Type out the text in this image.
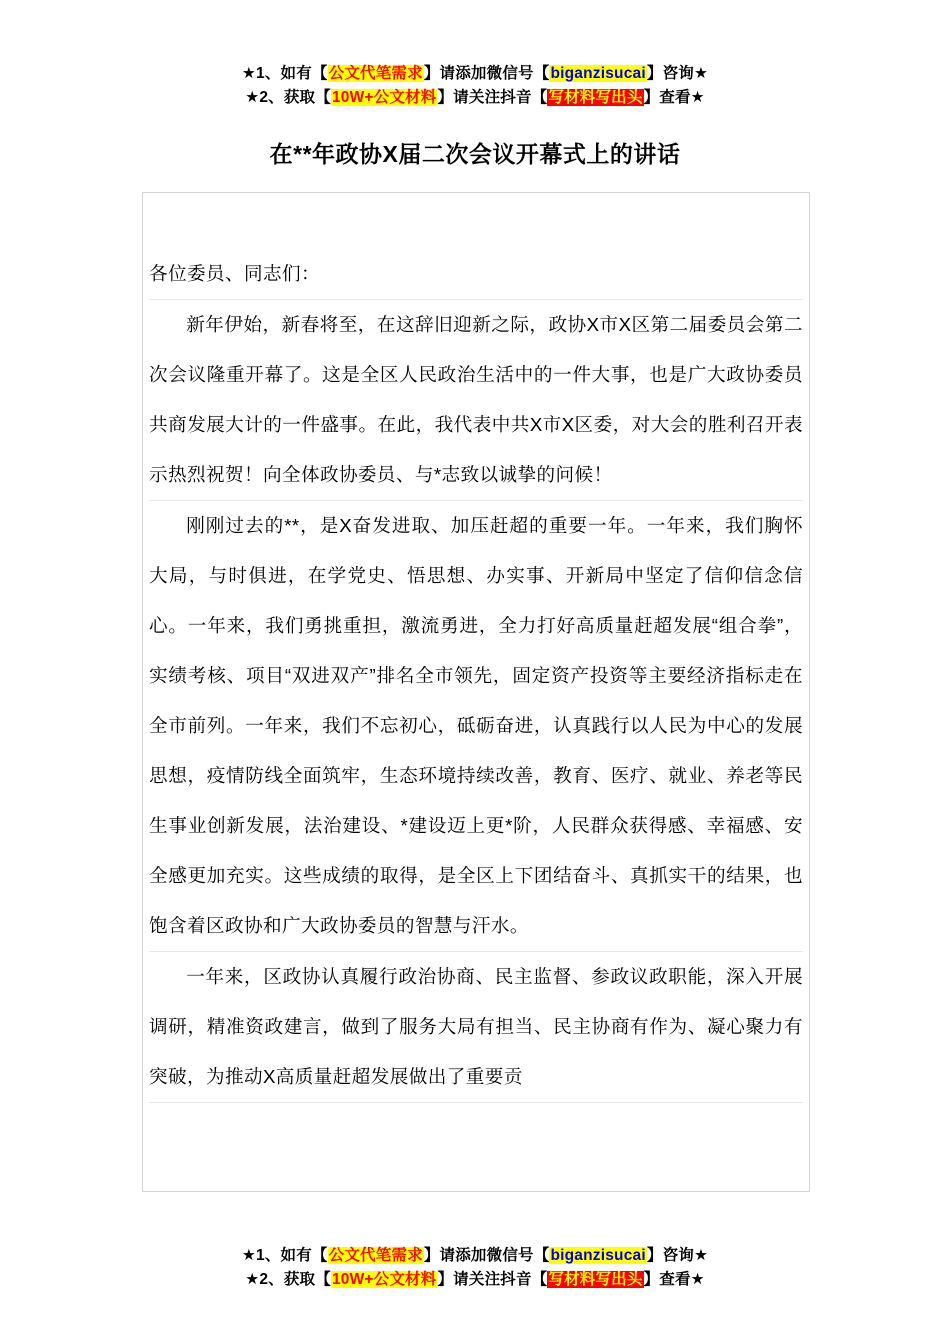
★1、如有【公文代笔需求】请添加微信号【biganzisucai】咨询★
★2、获取【10W+公文材料】请关注抖音【写材料写出头】查看★
在**年政协X届二次会议开幕式上的讲话

各位委员、同志们：

新年伊始，新春将至，在这辞旧迎新之际，政协X市X区第二届委员会第二次会议隆重开幕了。这是全区人民政治生活中的一件大事，也是广大政协委员共商发展大计的一件盛事。在此，我代表中共X市X区委，对大会的胜利召开表示热烈祝贺！向全体政协委员、与*志致以诚挚的问候！

刚刚过去的**，是X奋发进取、加压赶超的重要一年。一年来，我们胸怀大局，与时俱进，在学党史、悟思想、办实事、开新局中坚定了信仰信念信心。一年来，我们勇挑重担，激流勇进，全力打好高质量赶超发展“组合拳”，实绩考核、项目“双进双产”排名全市领先，固定资产投资等主要经济指标走在全市前列。一年来，我们不忘初心，砥砺奋进，认真践行以人民为中心的发展思想，疫情防线全面筑牢，生态环境持续改善，教育、医疗、就业、养老等民生事业创新发展，法治建设、*建设迈上更*阶，人民群众获得感、幸福感、安全感更加充实。这些成绩的取得，是全区上下团结奋斗、真抓实干的结果，也饱含着区政协和广大政协委员的智慧与汗水。

一年来，区政协认真履行政治协商、民主监督、参政议政职能，深入开展调研，精准资政建言，做到了服务大局有担当、民主协商有作为、凝心聚力有突破，为推动X高质量赶超发展做出了重要贡

★1、如有【公文代笔需求】请添加微信号【biganzisucai】咨询★
★2、获取【10W+公文材料】请关注抖音【写材料写出头】查看★
